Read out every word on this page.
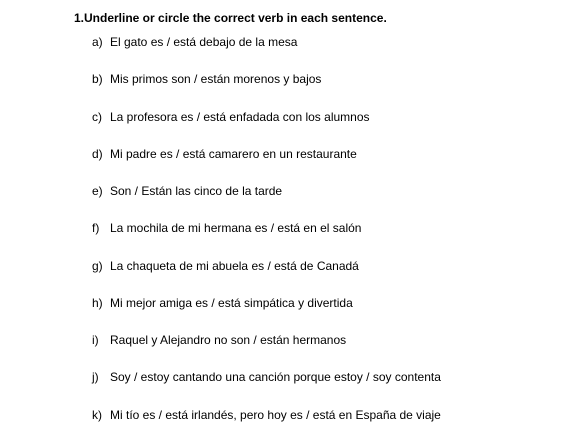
1.Underline or circle the correct verb in each sentence.
a) El gato es / está debajo de la mesa
b) Mis primos son / están morenos y bajos
c) La profesora es / está enfadada con los alumnos
d) Mi padre es / está camarero en un restaurante
e) Son / Están las cinco de la tarde
f) La mochila de mi hermana es / está en el salón
g) La chaqueta de mi abuela es / está de Canadá
h) Mi mejor amiga es / está simpática y divertida
i) Raquel y Alejandro no son / están hermanos
j) Soy / estoy cantando una canción porque estoy / soy contenta
k) Mi tío es / está irlandés, pero hoy es / está en España de viaje
